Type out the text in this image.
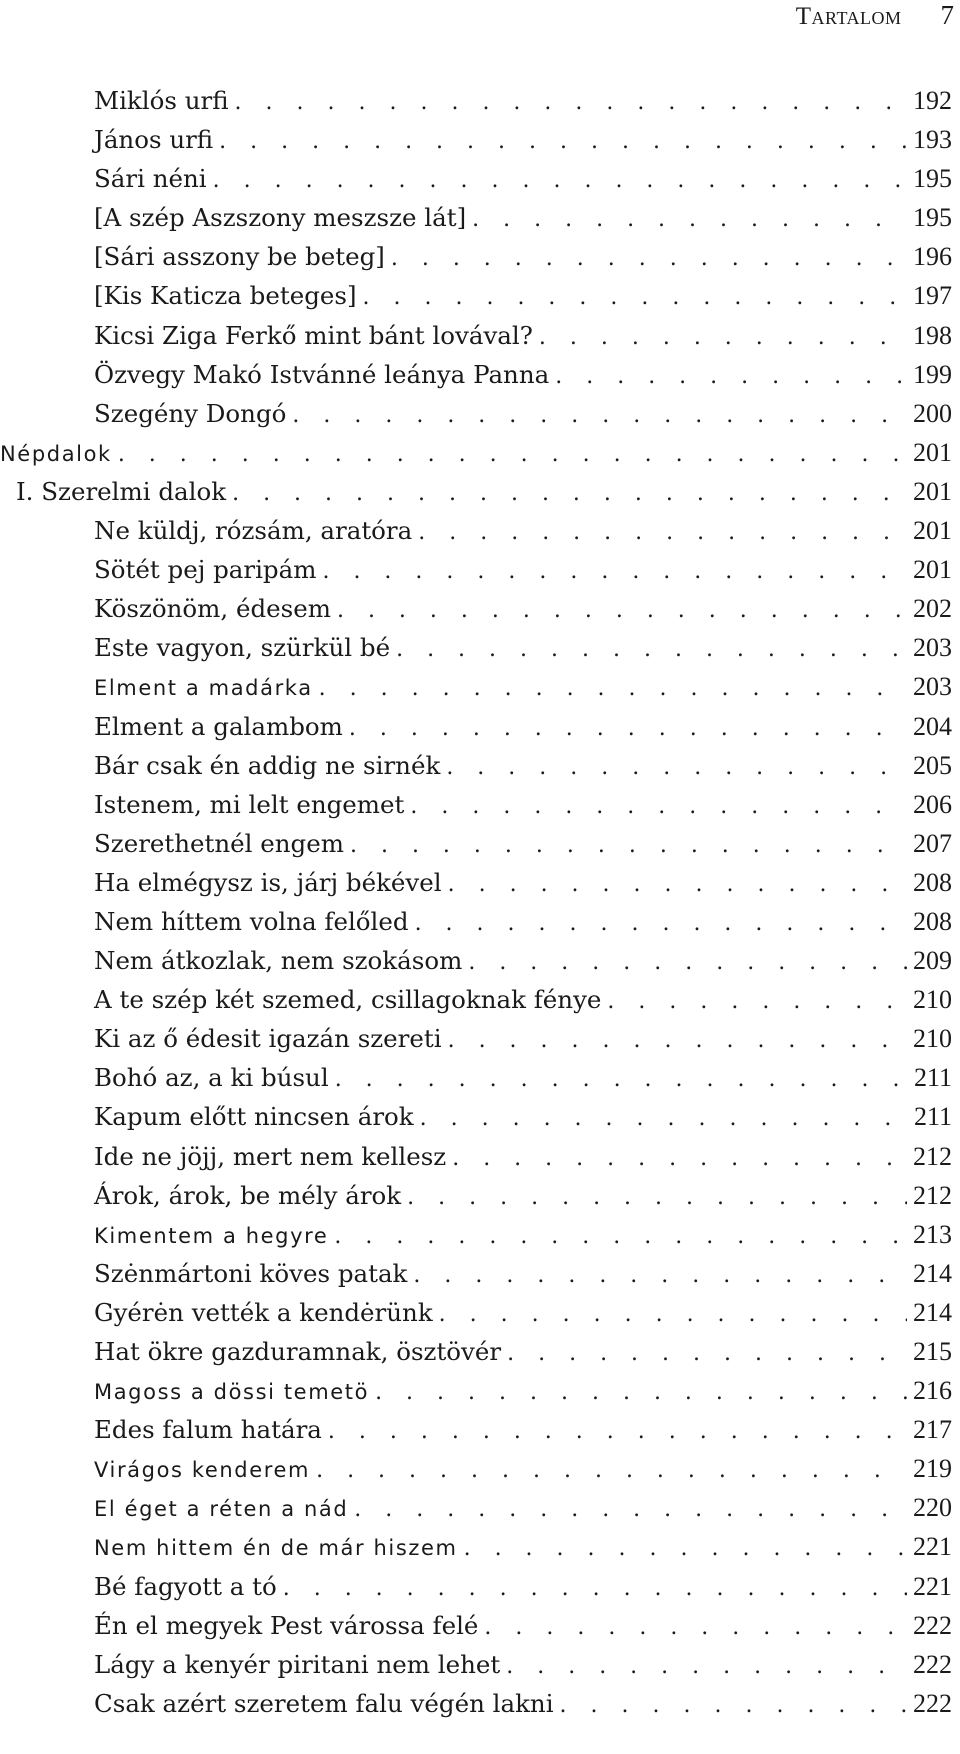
Tartalom 7
Miklós urfi . . .	192
János urfi . . .	193
Sári néni . . .	195
[A szép Aszszony meszsze lát] . . .	195
[Sári asszony be beteg] . . .	196
[Kis Katicza beteges] . . .	197
Kicsi Ziga Ferkő mint bánt lovával? . . .	198
Özvegy Makó Istvánné leánya Panna . . .	199
Szegény Dongó . . .	200
Népdalok . . .	201
I. Szerelmi dalok . . .	201
Ne küldj, rózsám, aratóra . . .	201
Sötét pej paripám . . .	201
Köszönöm, édesem . . .	202
Este vagyon, szürkül bé . . .	203
Elment a madárka . . .	203
Elment a galambom . . .	204
Bár csak én addig ne sirnék . . .	205
Istenem, mi lelt engemet . . .	206
Szerethetnél engem . . .	207
Ha elmégysz is, járj békével . . .	208
Nem híttem volna felőled . . .	208
Nem átkozlak, nem szokásom . . .	209
A te szép két szemed, csillagoknak fénye . . .	210
Ki az ő édesit igazán szereti . . .	210
Bohó az, a ki búsul . . .	211
Kapum előtt nincsen árok . . .	211
Ide ne jöjj, mert nem kellesz . . .	212
Árok, árok, be mély árok . . .	212
Kimentem a hegyre . . .	213
Szėnmártoni köves patak . . .	214
Gyérėn vették a kendėrünk . . .	214
Hat ökre gazduramnak, ösztövér . . .	215
Magoss a dössi temetö . . .	216
Edes falum határa . . .	217
Virágos kenderem . . .	219
El éget a réten a nád . . .	220
Nem hittem én de már hiszem . . .	221
Bé fagyott a tó . . .	221
Én el megyek Pest várossa felé . . .	222
Lágy a kenyér piritani nem lehet . . .	222
Csak azért szeretem falu végén lakni . . .	222
